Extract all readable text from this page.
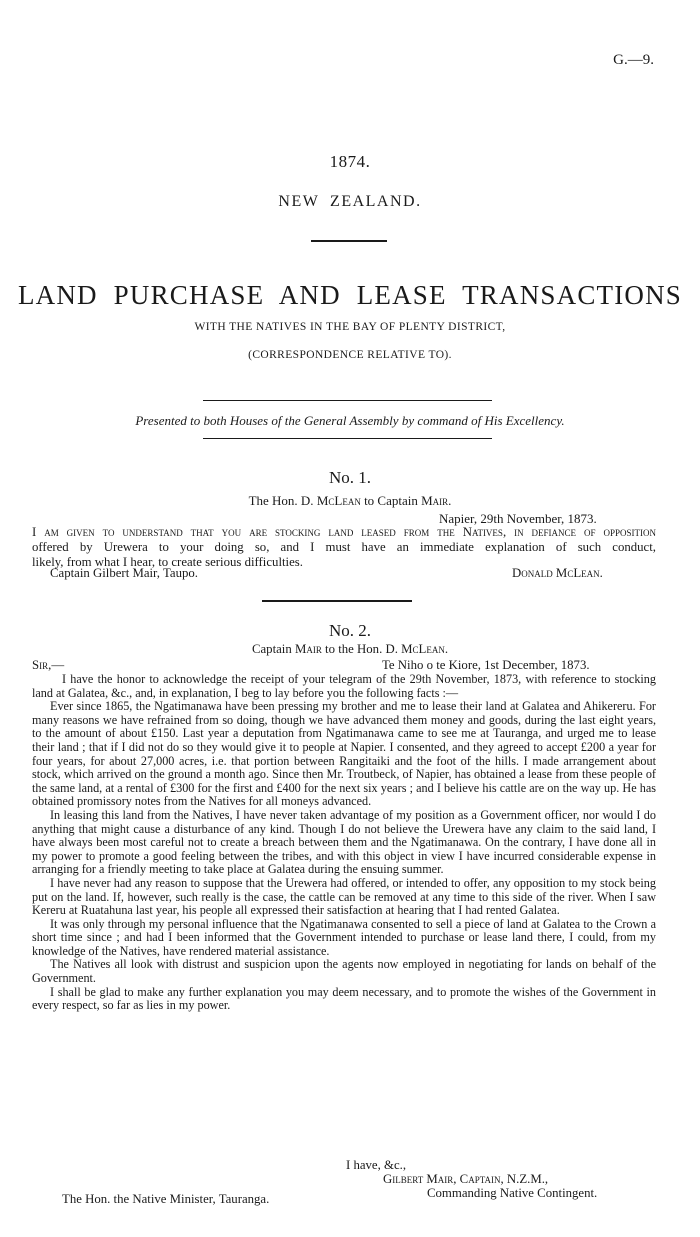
G.—9.
1874.
NEW  ZEALAND.
LAND  PURCHASE  AND  LEASE  TRANSACTIONS
WITH THE NATIVES IN THE BAY OF PLENTY DISTRICT,
(CORRESPONDENCE RELATIVE TO).
Presented to both Houses of the General Assembly by command of His Excellency.
No. 1.
The Hon. D. McLean to Captain Mair.
Napier, 29th November, 1873.

I am given to understand that you are stocking land leased from the Natives, in defiance of opposition

offered by Urewera to your doing so, and I must have an immediate explanation of such conduct,

likely, from what I hear, to create serious difficulties.

Captain Gilbert Mair, Taupo.	Donald McLean.
No. 2.
Captain Mair to the Hon. D. McLean.
Sir,—	Te Niho o te Kiore, 1st December, 1873.

I have the honor to acknowledge the receipt of your telegram of the 29th November, 1873, with reference to stocking land at Galatea, &c., and, in explanation, I beg to lay before you the following facts :—

Ever since 1865, the Ngatimanawa have been pressing my brother and me to lease their land at Galatea and Ahikereru. For many reasons we have refrained from so doing, though we have advanced them money and goods, during the last eight years, to the amount of about £150. Last year a deputation from Ngatimanawa came to see me at Tauranga, and urged me to lease their land ; that if I did not do so they would give it to people at Napier. I consented, and they agreed to accept £200 a year for four years, for about 27,000 acres, i.e. that portion between Rangitaiki and the foot of the hills. I made arrangement about stock, which arrived on the ground a month ago. Since then Mr. Troutbeck, of Napier, has obtained a lease from these people of the same land, at a rental of £300 for the first and £400 for the next six years ; and I believe his cattle are on the way up. He has obtained promissory notes from the Natives for all moneys advanced.

In leasing this land from the Natives, I have never taken advantage of my position as a Government officer, nor would I do anything that might cause a disturbance of any kind. Though I do not believe the Urewera have any claim to the said land, I have always been most careful not to create a breach between them and the Ngatimanawa. On the contrary, I have done all in my power to promote a good feeling between the tribes, and with this object in view I have incurred considerable expense in arranging for a friendly meeting to take place at Galatea during the ensuing summer.

I have never had any reason to suppose that the Urewera had offered, or intended to offer, any opposition to my stock being put on the land. If, however, such really is the case, the cattle can be removed at any time to this side of the river. When I saw Kereru at Ruatahuna last year, his people all expressed their satisfaction at hearing that I had rented Galatea.

It was only through my personal influence that the Ngatimanawa consented to sell a piece of land at Galatea to the Crown a short time since ; and had I been informed that the Government intended to purchase or lease land there, I could, from my knowledge of the Natives, have rendered material assistance.

The Natives all look with distrust and suspicion upon the agents now employed in negotiating for lands on behalf of the Government.

I shall be glad to make any further explanation you may deem necessary, and to promote the wishes of the Government in every respect, so far as lies in my power.

I have, &c.,
Gilbert Mair, Captain, N.Z.M.,
Commanding Native Contingent.
The Hon. the Native Minister, Tauranga.
